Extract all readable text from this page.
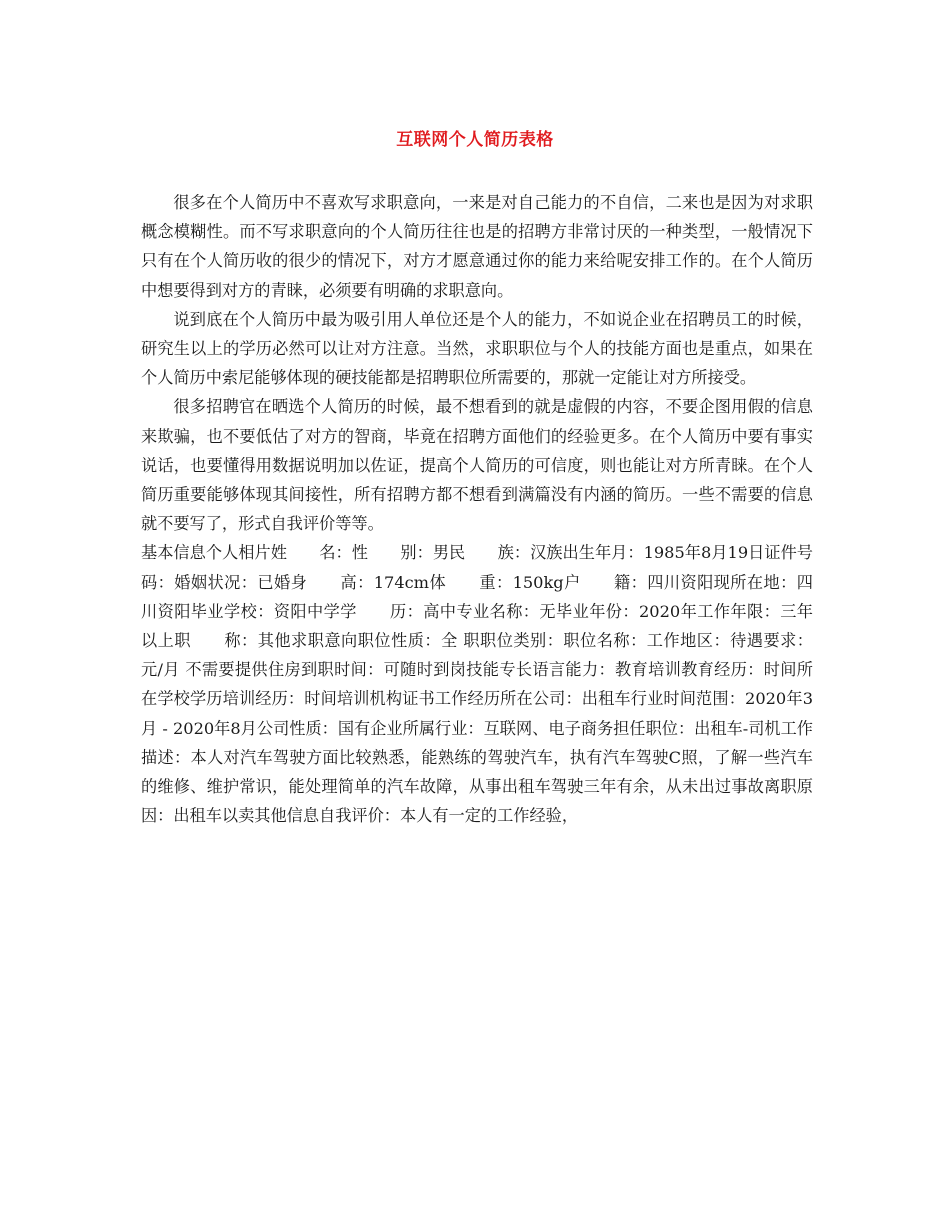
互联网个人简历表格

很多在个人简历中不喜欢写求职意向，一来是对自己能力的不自信，二来也是因为对求职概念模糊性。而不写求职意向的个人简历往往也是的招聘方非常讨厌的一种类型，一般情况下只有在个人简历收的很少的情况下，对方才愿意通过你的能力来给呢安排工作的。在个人简历中想要得到对方的青睐，必须要有明确的求职意向。

说到底在个人简历中最为吸引用人单位还是个人的能力，不如说企业在招聘员工的时候，研究生以上的学历必然可以让对方注意。当然，求职职位与个人的技能方面也是重点，如果在个人简历中索尼能够体现的硬技能都是招聘职位所需要的，那就一定能让对方所接受。

很多招聘官在晒选个人简历的时候，最不想看到的就是虚假的内容，不要企图用假的信息来欺骗，也不要低估了对方的智商，毕竟在招聘方面他们的经验更多。在个人简历中要有事实说话，也要懂得用数据说明加以佐证，提高个人简历的可信度，则也能让对方所青睐。在个人简历重要能够体现其间接性，所有招聘方都不想看到满篇没有内涵的简历。一些不需要的信息就不要写了，形式自我评价等等。

基本信息个人相片姓　　名：性　　别：男民　　族：汉族出生年月：1985年8月19日证件号码：婚姻状况：已婚身　　高：174cm体　　重：150kg户　　籍：四川资阳现所在地：四川资阳毕业学校：资阳中学学　　历：高中专业名称：无毕业年份：2020年工作年限：三年以上职　　称：其他求职意向职位性质：全 职职位类别：职位名称：工作地区：待遇要求：元/月 不需要提供住房到职时间：可随时到岗技能专长语言能力：教育培训教育经历：时间所在学校学历培训经历：时间培训机构证书工作经历所在公司：出租车行业时间范围：2020年3月 - 2020年8月公司性质：国有企业所属行业：互联网、电子商务担任职位：出租车-司机工作描述：本人对汽车驾驶方面比较熟悉，能熟练的驾驶汽车，执有汽车驾驶C照，了解一些汽车的维修、维护常识，能处理简单的汽车故障，从事出租车驾驶三年有余，从未出过事故离职原因：出租车以卖其他信息自我评价：本人有一定的工作经验，
